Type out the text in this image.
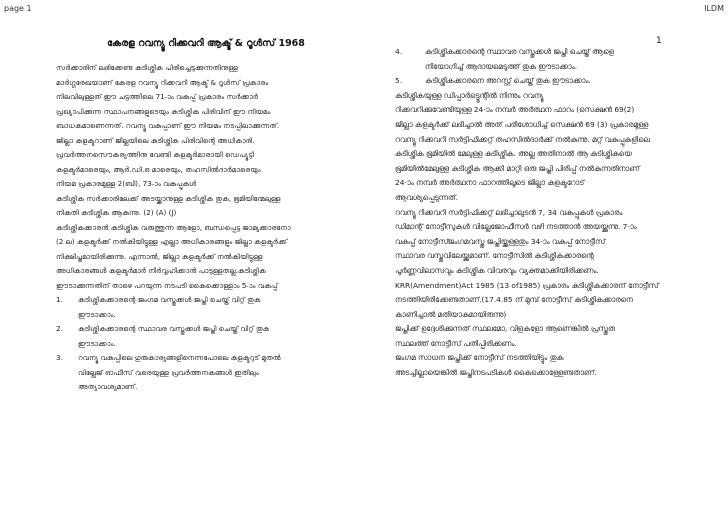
page 1	ILDM
1
കേരള റവന്യൂ റിക്കവറി ആക്ട് & റൂൾസ് 1968
സർക്കാരിന് ലഭിക്കേണ്ട കുടിശ്ശിക പിരിച്ചെടുക്കുന്നതിനുള്ള
മാർഗ്ഗരേഖയാണ് കേരള റവന്യൂ റിക്കവറി ആക്ട് & റൂൾസ് പ്രകാരം
നിലവിലുള്ളത് ഈ ചട്ടത്തിലെ 71-ാം വകുപ്പ് പ്രകാരം സർക്കാർ
പ്രഖ്യാപിക്കുന്ന സ്ഥാപനങ്ങളുടെയും കുടിശ്ശിക പിരിവിന് ഈ നിയമം
ബാധകമാണെന്നത്. റവന്യൂ വകുപ്പാണ് ഈ നിയമം നടപ്പിലാക്കുന്നത്.
ജില്ലാ കളക്ടറാണ് ജില്ലയിലെ കുടിശ്ശിക പിരിവിന്റെ അധികാരി.
പ്രവർത്തനസൌകര്യത്തിനു വേണ്ടി കളക്ടർമാരായി ഡെപ്യൂട്ടി
കളക്ടർമാരെയും, ആർ.ഡി.ഒ മാരെയും, തഹസിൽദാർമാരെയും
നിയമ പ്രകാരമുള്ള 2(ബി), 73-ാം വകുപ്പുകൾ
കുടിശ്ശിക സർക്കാരിലേക്ക് അടയ്ക്കാനുള്ള കുടിശ്ശിക തുക, ഭൂമിയിന്മേലുള്ള
നികുതി കുടിശ്ശിക ആകുന്നു. (2) (A) (J)
കുടിശ്ശികക്കാരൻ കുടിശ്ശിക വരുത്തുന്ന ആളോ, ബന്ധപ്പെട്ട ജാമ്യക്കാരനോ
(2 ല) കളക്ടർക്ക് നൽകിയിട്ടുള്ള എല്ലാ അധികാരങ്ങളും ജില്ലാ കളക്ടർക്ക്
നിക്ഷിപ്തമായിരിക്കുന്നു. എന്നാൽ, ജില്ലാ കളക്ടർക്ക് നൽകിയിട്ടുള്ള
അധികാരങ്ങൾ കളക്ടർമാർ നിർവ്വഹിക്കാൻ പാടുള്ളതല്ല.കുടിശ്ശിക
ഈടാക്കുന്നതിന് താഴെ പറയുന്ന നടപടി കൈക്കൊള്ളാം 5-ാം വകുപ്പ്
1.	കുടിശ്ശികക്കാരന്റെ ജംഗമ വസ്തുക്കൾ ജപ്തി ചെയ്ത് വിറ്റ് തുക
ഈടാക്കാം.
2.	കുടിശ്ശികക്കാരന്റെ സ്ഥാവര വസ്തുക്കൾ ജപ്തി ചെയ്ത് വിറ്റ് തുക
ഈടാക്കാം.
3.	റവന്യൂ വകുപ്പിലെ ഗുരുകാര്യങ്ങളിനെന്നപോലെ കളക്ടറുട് മുതൽ
വില്ലേജ് ഓഫീസ് വരെയുള്ള പ്രവർത്തനകങ്ങൾ ഇതിലും
അത്യാവശ്യമാണ്.
4.	കുടിശ്ശികക്കാരന്റെ സ്ഥാവര വസ്തുക്കൾ ജപ്തി ചെയ്ത് ആളെ
നിയോഗിച്ച് ആദായമെടുത്ത് തുക ഈടാക്കാം.
5.	കുടിശ്ശികക്കാരനെ അറസ്റ്റ് ചെയ്ത് തുക ഈടാക്കാം.
കുടിശ്ശികയുള്ള ഡിപ്പാർട്ട്മെന്റിൽ നിന്നും റവന്യൂ
റിക്കവറിക്കുവേണ്ടിയുള്ള 24-ാം നമ്പർ അർത്ഥന ഫാറം (സെക്ഷൻ 69(2)
ജില്ലാ കളക്ടർക്ക് ലഭിച്ചാൽ അത് പരിശോധിച്ച് സെക്ഷൻ 69 (3) പ്രകാരമുള്ള
റവന്യൂ റിക്കവറി സർട്ടിഫിക്കറ്റ് തഹസിൽദാർക്ക് നൽകുന്നു. മറ്റ് വകുപ്പുകളിലെ
കുടിശ്ശിക ഭൂമിയിൽ മേലുള്ള കുടിശ്ശിക. അല്ല അതിനാൽ ആ കുടിശ്ശികയെ
ഭൂമിയിൽമേലുള്ള കുടിശ്ശിക ആക്കി മാറ്റി ഒരു ജപ്തി പിരിപ്പ് നൽകുന്നതിനാണ്
24-ാം നമ്പർ അർത്ഥനാ ഫാറത്തിലൂടെ ജില്ലാ കളക്ടറോട്
ആവശ്യപ്പെടുന്നത്.
റവന്യൂ റിക്കവറി സർട്ടിഫിക്കറ്റ് ലഭിച്ചാലുടൻ 7, 34 വകുപ്പുകൾ പ്രകാരം
ഡിമാന്റ് നോട്ടീസുകൾ വില്ലേജോഫീസർ വഴി നടത്താൻ അയയ്ക്കുന്നു. 7-ാം
വകുപ്പ് നോട്ടീസ്ജംഗമവസ്തു ജപ്തിയ്ക്കുള്ളതും 34-ാം വകുപ്പ് നോട്ടീസ്
സ്ഥാവര വസ്തുവിലേയ്ക്കുമാണ്. നോട്ടീസിൽ കുടിശ്ശികക്കാരന്റെ
പൂർണ്ണവിലാസവും കുടിശ്ശിക വിവരവും വ്യക്തമാക്കിയിരിക്കണം.
KRR(Amendment)Act 1985 (13 of1985) പ്രകാരം കുടിശ്ശികക്കാരന് നോട്ടീസ്
നടത്തിയിരിക്കേണ്ടതാണ്.(17.4.85 ന് മുമ്പ് നോട്ടീസ് കുടിശ്ശികക്കാരനെ
കാണിച്ചാൽ മതിയാകുമായിരുന്നു)
ജപ്തിക്ക് ഉദ്ദേശിക്കുന്നത് സ്ഥലമോ, വിളകളോ ആണെങ്കിൽ പ്രസ്തുത
സ്ഥലത്ത് നോട്ടീസ് പതിപ്പിരിക്കണം.
ജംഗമ സാധന ജപ്തിക്ക് നോട്ടീസ് നടത്തിയിട്ടും തുക
അടച്ചില്ലായെങ്കിൽ ജപ്തിനടപടികൾ കൈക്കൊള്ളേണ്ടതാണ്.
